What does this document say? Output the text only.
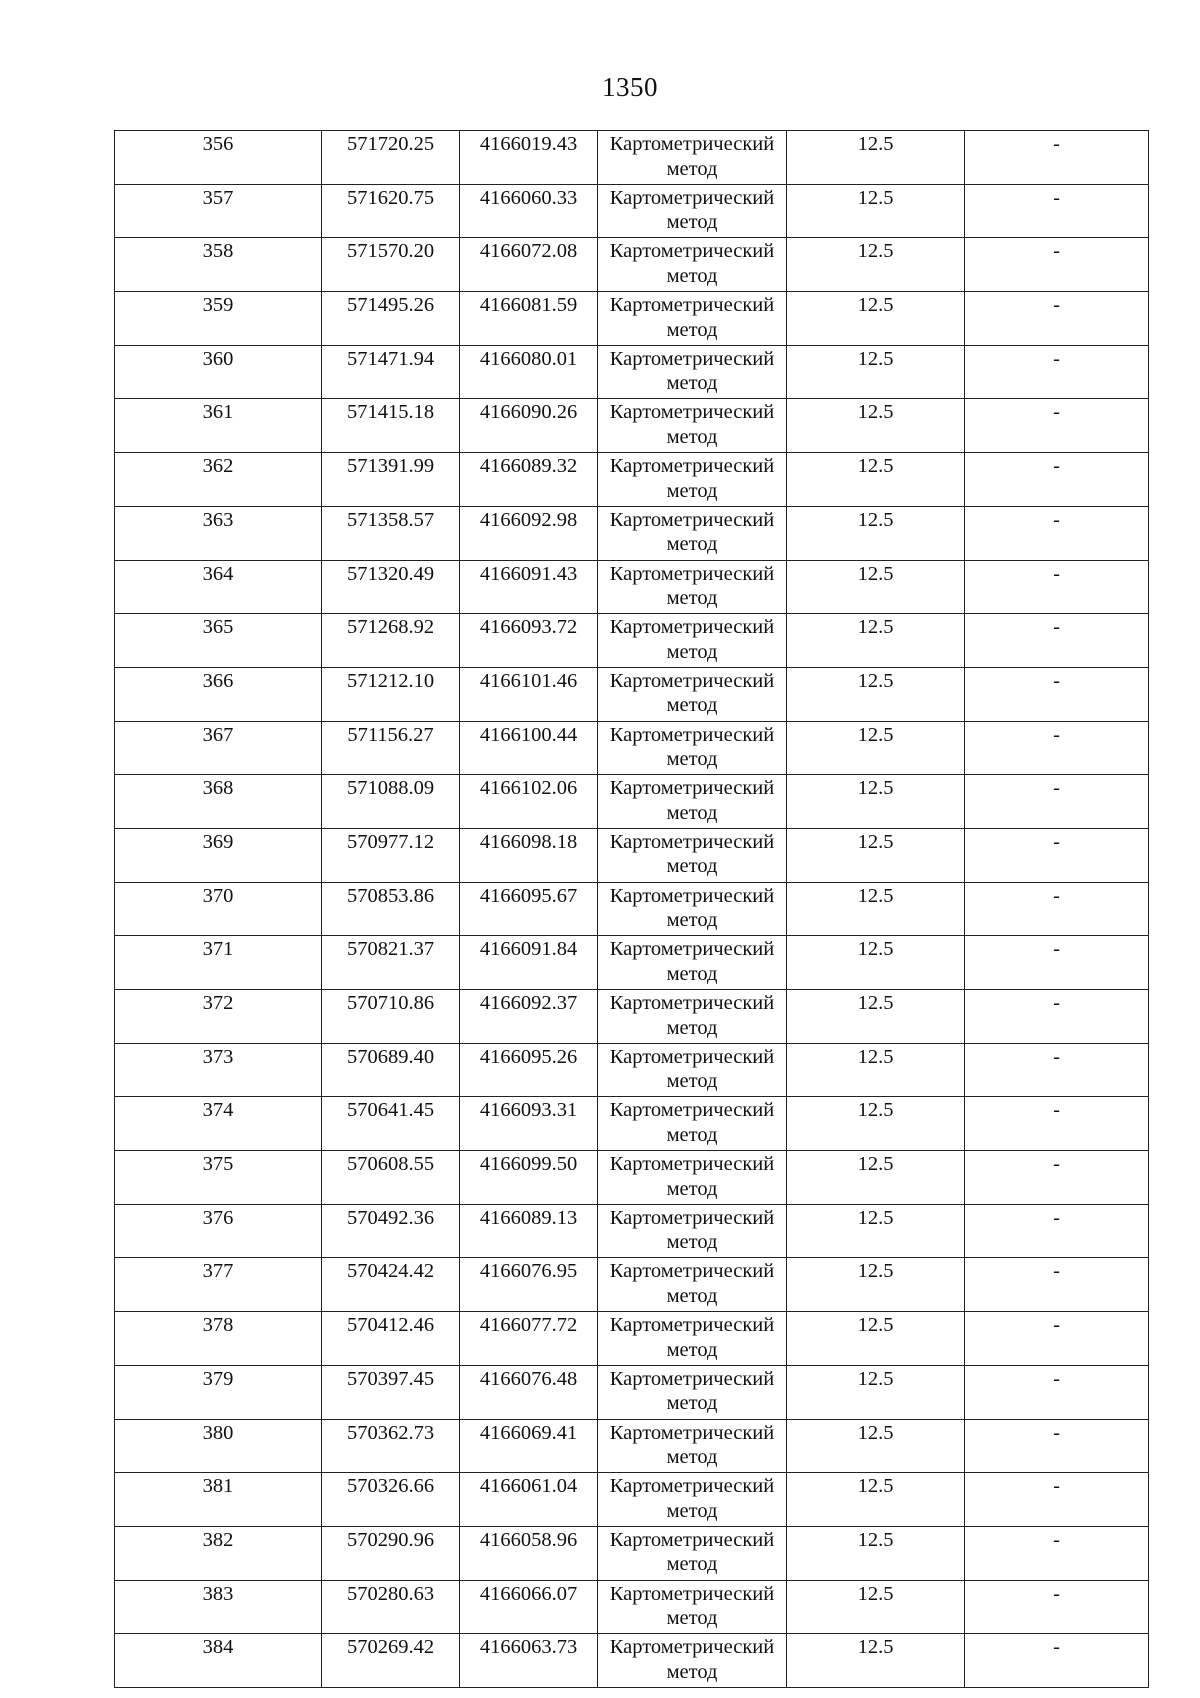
1350
356	571720.25	4166019.43	Картометрический метод	12.5	-
357	571620.75	4166060.33	Картометрический метод	12.5	-
358	571570.20	4166072.08	Картометрический метод	12.5	-
359	571495.26	4166081.59	Картометрический метод	12.5	-
360	571471.94	4166080.01	Картометрический метод	12.5	-
361	571415.18	4166090.26	Картометрический метод	12.5	-
362	571391.99	4166089.32	Картометрический метод	12.5	-
363	571358.57	4166092.98	Картометрический метод	12.5	-
364	571320.49	4166091.43	Картометрический метод	12.5	-
365	571268.92	4166093.72	Картометрический метод	12.5	-
366	571212.10	4166101.46	Картометрический метод	12.5	-
367	571156.27	4166100.44	Картометрический метод	12.5	-
368	571088.09	4166102.06	Картометрический метод	12.5	-
369	570977.12	4166098.18	Картометрический метод	12.5	-
370	570853.86	4166095.67	Картометрический метод	12.5	-
371	570821.37	4166091.84	Картометрический метод	12.5	-
372	570710.86	4166092.37	Картометрический метод	12.5	-
373	570689.40	4166095.26	Картометрический метод	12.5	-
374	570641.45	4166093.31	Картометрический метод	12.5	-
375	570608.55	4166099.50	Картометрический метод	12.5	-
376	570492.36	4166089.13	Картометрический метод	12.5	-
377	570424.42	4166076.95	Картометрический метод	12.5	-
378	570412.46	4166077.72	Картометрический метод	12.5	-
379	570397.45	4166076.48	Картометрический метод	12.5	-
380	570362.73	4166069.41	Картометрический метод	12.5	-
381	570326.66	4166061.04	Картометрический метод	12.5	-
382	570290.96	4166058.96	Картометрический метод	12.5	-
383	570280.63	4166066.07	Картометрический метод	12.5	-
384	570269.42	4166063.73	Картометрический метод	12.5	-
